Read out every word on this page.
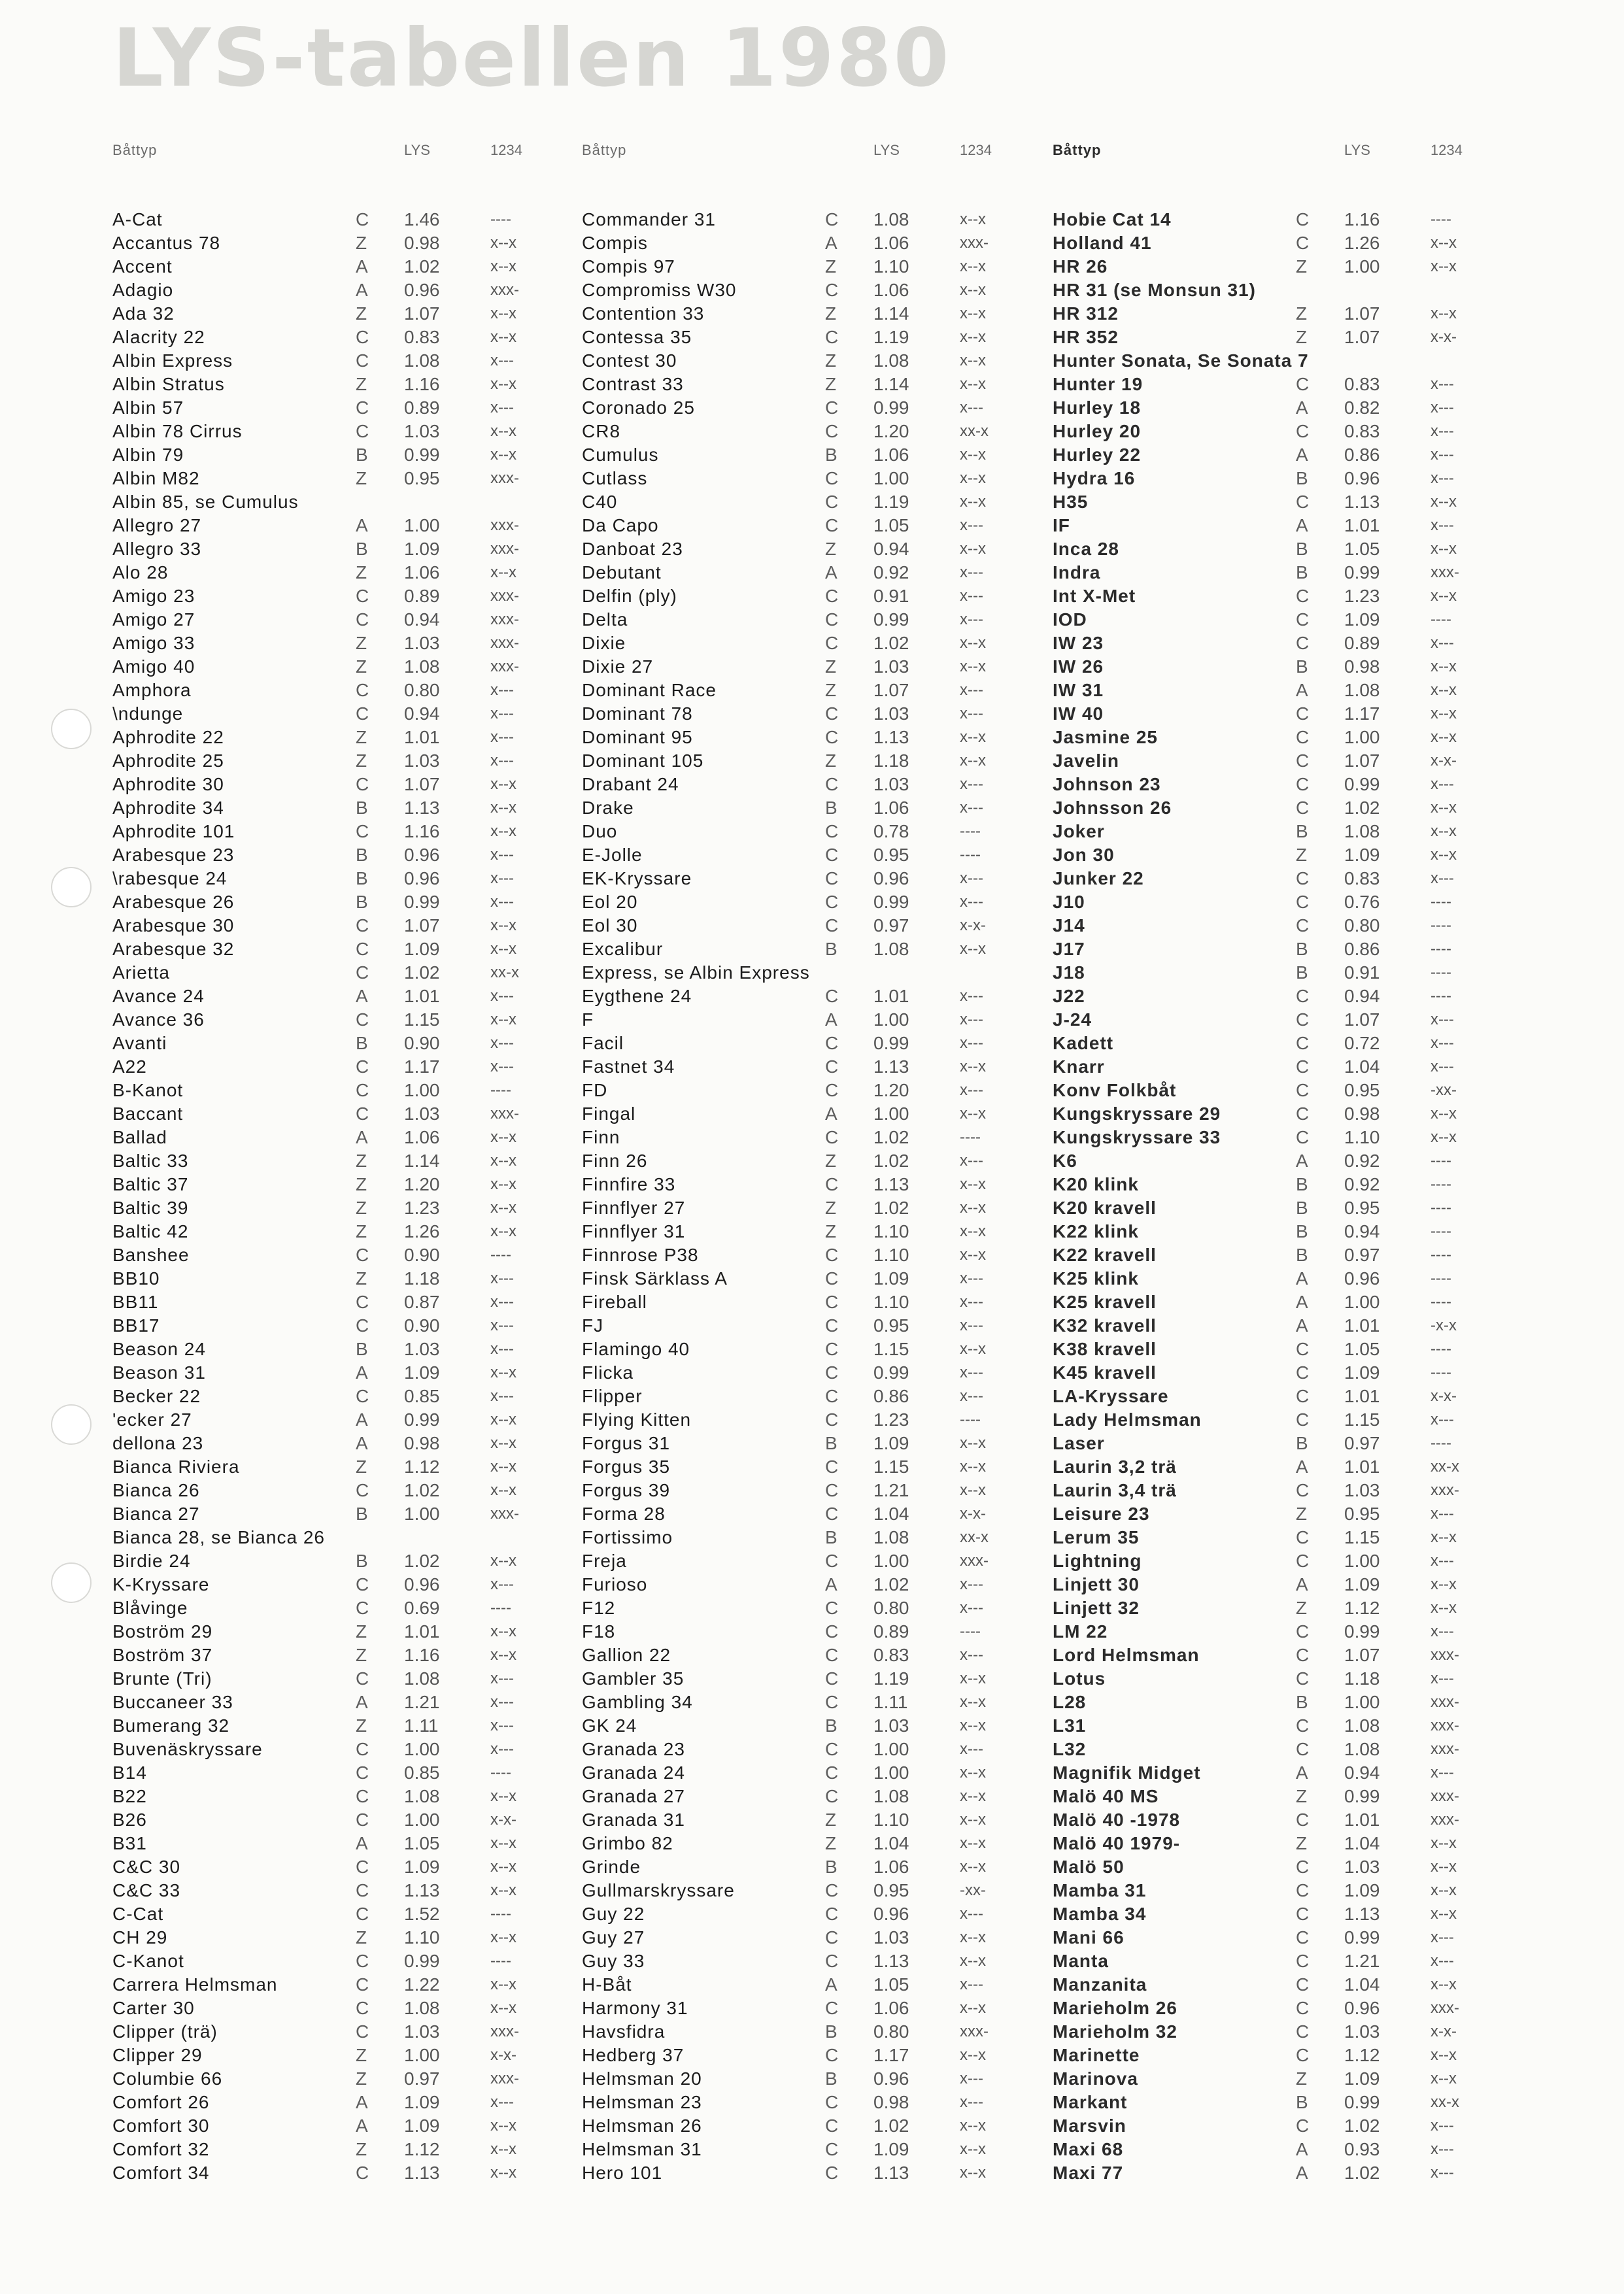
LYS-tabellen 1980
Båttyp	LYS	1234
A-Cat	C	1.46	----
Accantus 78	Z	0.98	x--x
Accent	A	1.02	x--x
Adagio	A	0.96	xxx-
Ada 32	Z	1.07	x--x
Alacrity 22	C	0.83	x--x
Albin Express	C	1.08	x---
Albin Stratus	Z	1.16	x--x
Albin 57	C	0.89	x---
Albin 78 Cirrus	C	1.03	x--x
Albin 79	B	0.99	x--x
Albin M82	Z	0.95	xxx-
Albin 85, se Cumulus
Allegro 27	A	1.00	xxx-
Allegro 33	B	1.09	xxx-
Alo 28	Z	1.06	x--x
Amigo 23	C	0.89	xxx-
Amigo 27	C	0.94	xxx-
Amigo 33	Z	1.03	xxx-
Amigo 40	Z	1.08	xxx-
Amphora	C	0.80	x---
\ndunge	C	0.94	x---
Aphrodite 22	Z	1.01	x---
Aphrodite 25	Z	1.03	x---
Aphrodite 30	C	1.07	x--x
Aphrodite 34	B	1.13	x--x
Aphrodite 101	C	1.16	x--x
Arabesque 23	B	0.96	x---
\rabesque 24	B	0.96	x---
Arabesque 26	B	0.99	x---
Arabesque 30	C	1.07	x--x
Arabesque 32	C	1.09	x--x
Arietta	C	1.02	xx-x
Avance 24	A	1.01	x---
Avance 36	C	1.15	x--x
Avanti	B	0.90	x---
A22	C	1.17	x---
B-Kanot	C	1.00	----
Baccant	C	1.03	xxx-
Ballad	A	1.06	x--x
Baltic 33	Z	1.14	x--x
Baltic 37	Z	1.20	x--x
Baltic 39	Z	1.23	x--x
Baltic 42	Z	1.26	x--x
Banshee	C	0.90	----
BB10	Z	1.18	x---
BB11	C	0.87	x---
BB17	C	0.90	x---
Beason 24	B	1.03	x---
Beason 31	A	1.09	x--x
Becker 22	C	0.85	x---
'ecker 27	A	0.99	x--x
dellona 23	A	0.98	x--x
Bianca Riviera	Z	1.12	x--x
Bianca 26	C	1.02	x--x
Bianca 27	B	1.00	xxx-
Bianca 28, se Bianca 26
Birdie 24	B	1.02	x--x
K-Kryssare	C	0.96	x---
Blåvinge	C	0.69	----
Boström 29	Z	1.01	x--x
Boström 37	Z	1.16	x--x
Brunte (Tri)	C	1.08	x---
Buccaneer 33	A	1.21	x---
Bumerang 32	Z	1.11	x---
Buvenäskryssare	C	1.00	x---
B14	C	0.85	----
B22	C	1.08	x--x
B26	C	1.00	x-x-
B31	A	1.05	x--x
C&C 30	C	1.09	x--x
C&C 33	C	1.13	x--x
C-Cat	C	1.52	----
CH 29	Z	1.10	x--x
C-Kanot	C	0.99	----
Carrera Helmsman	C	1.22	x--x
Carter 30	C	1.08	x--x
Clipper (trä)	C	1.03	xxx-
Clipper 29	Z	1.00	x-x-
Columbie 66	Z	0.97	xxx-
Comfort 26	A	1.09	x---
Comfort 30	A	1.09	x--x
Comfort 32	Z	1.12	x--x
Comfort 34	C	1.13	x--x
Båttyp	LYS	1234
Commander 31	C	1.08	x--x
Compis	A	1.06	xxx-
Compis 97	Z	1.10	x--x
Compromiss W30	C	1.06	x--x
Contention 33	Z	1.14	x--x
Contessa 35	C	1.19	x--x
Contest 30	Z	1.08	x--x
Contrast 33	Z	1.14	x--x
Coronado 25	C	0.99	x---
CR8	C	1.20	xx-x
Cumulus	B	1.06	x--x
Cutlass	C	1.00	x--x
C40	C	1.19	x--x
Da Capo	C	1.05	x---
Danboat 23	Z	0.94	x--x
Debutant	A	0.92	x---
Delfin (ply)	C	0.91	x---
Delta	C	0.99	x---
Dixie	C	1.02	x--x
Dixie 27	Z	1.03	x--x
Dominant Race	Z	1.07	x---
Dominant 78	C	1.03	x---
Dominant 95	C	1.13	x--x
Dominant 105	Z	1.18	x--x
Drabant 24	C	1.03	x---
Drake	B	1.06	x---
Duo	C	0.78	----
E-Jolle	C	0.95	----
EK-Kryssare	C	0.96	x---
Eol 20	C	0.99	x---
Eol 30	C	0.97	x-x-
Excalibur	B	1.08	x--x
Express, se Albin Express
Eygthene 24	C	1.01	x---
F	A	1.00	x---
Facil	C	0.99	x---
Fastnet 34	C	1.13	x--x
FD	C	1.20	x---
Fingal	A	1.00	x--x
Finn	C	1.02	----
Finn 26	Z	1.02	x---
Finnfire 33	C	1.13	x--x
Finnflyer 27	Z	1.02	x--x
Finnflyer 31	Z	1.10	x--x
Finnrose P38	C	1.10	x--x
Finsk Särklass A	C	1.09	x---
Fireball	C	1.10	x---
FJ	C	0.95	x---
Flamingo 40	C	1.15	x--x
Flicka	C	0.99	x---
Flipper	C	0.86	x---
Flying Kitten	C	1.23	----
Forgus 31	B	1.09	x--x
Forgus 35	C	1.15	x--x
Forgus 39	C	1.21	x--x
Forma 28	C	1.04	x-x-
Fortissimo	B	1.08	xx-x
Freja	C	1.00	xxx-
Furioso	A	1.02	x---
F12	C	0.80	x---
F18	C	0.89	----
Gallion 22	C	0.83	x---
Gambler 35	C	1.19	x--x
Gambling 34	C	1.11	x--x
GK 24	B	1.03	x--x
Granada 23	C	1.00	x---
Granada 24	C	1.00	x--x
Granada 27	C	1.08	x--x
Granada 31	Z	1.10	x--x
Grimbo 82	Z	1.04	x--x
Grinde	B	1.06	x--x
Gullmarskryssare	C	0.95	-xx-
Guy 22	C	0.96	x---
Guy 27	C	1.03	x--x
Guy 33	C	1.13	x--x
H-Båt	A	1.05	x---
Harmony 31	C	1.06	x--x
Havsfidra	B	0.80	xxx-
Hedberg 37	C	1.17	x--x
Helmsman 20	B	0.96	x---
Helmsman 23	C	0.98	x---
Helmsman 26	C	1.02	x--x
Helmsman 31	C	1.09	x--x
Hero 101	C	1.13	x--x
Båttyp	LYS	1234
Hobie Cat 14	C	1.16	----
Holland 41	C	1.26	x--x
HR 26	Z	1.00	x--x
HR 31 (se Monsun 31)
HR 312	Z	1.07	x--x
HR 352	Z	1.07	x-x-
Hunter Sonata, Se Sonata 7
Hunter 19	C	0.83	x---
Hurley 18	A	0.82	x---
Hurley 20	C	0.83	x---
Hurley 22	A	0.86	x---
Hydra 16	B	0.96	x---
H35	C	1.13	x--x
IF	A	1.01	x---
Inca 28	B	1.05	x--x
Indra	B	0.99	xxx-
Int X-Met	C	1.23	x--x
IOD	C	1.09	----
IW 23	C	0.89	x---
IW 26	B	0.98	x--x
IW 31	A	1.08	x--x
IW 40	C	1.17	x--x
Jasmine 25	C	1.00	x--x
Javelin	C	1.07	x-x-
Johnson 23	C	0.99	x---
Johnsson 26	C	1.02	x--x
Joker	B	1.08	x--x
Jon 30	Z	1.09	x--x
Junker 22	C	0.83	x---
J10	C	0.76	----
J14	C	0.80	----
J17	B	0.86	----
J18	B	0.91	----
J22	C	0.94	----
J-24	C	1.07	x---
Kadett	C	0.72	x---
Knarr	C	1.04	x---
Konv Folkbåt	C	0.95	-xx-
Kungskryssare 29	C	0.98	x--x
Kungskryssare 33	C	1.10	x--x
K6	A	0.92	----
K20 klink	B	0.92	----
K20 kravell	B	0.95	----
K22 klink	B	0.94	----
K22 kravell	B	0.97	----
K25 klink	A	0.96	----
K25 kravell	A	1.00	----
K32 kravell	A	1.01	-x-x
K38 kravell	C	1.05	----
K45 kravell	C	1.09	----
LA-Kryssare	C	1.01	x-x-
Lady Helmsman	C	1.15	x---
Laser	B	0.97	----
Laurin 3,2 trä	A	1.01	xx-x
Laurin 3,4 trä	C	1.03	xxx-
Leisure 23	Z	0.95	x---
Lerum 35	C	1.15	x--x
Lightning	C	1.00	x---
Linjett 30	A	1.09	x--x
Linjett 32	Z	1.12	x--x
LM 22	C	0.99	x---
Lord Helmsman	C	1.07	xxx-
Lotus	C	1.18	x---
L28	B	1.00	xxx-
L31	C	1.08	xxx-
L32	C	1.08	xxx-
Magnifik Midget	A	0.94	x---
Malö 40 MS	Z	0.99	xxx-
Malö 40 -1978	C	1.01	xxx-
Malö 40 1979-	Z	1.04	x--x
Malö 50	C	1.03	x--x
Mamba 31	C	1.09	x--x
Mamba 34	C	1.13	x--x
Mani 66	C	0.99	x---
Manta	C	1.21	x---
Manzanita	C	1.04	x--x
Marieholm 26	C	0.96	xxx-
Marieholm 32	C	1.03	x-x-
Marinette	C	1.12	x--x
Marinova	Z	1.09	x--x
Markant	B	0.99	xx-x
Marsvin	C	1.02	x---
Maxi 68	A	0.93	x---
Maxi 77	A	1.02	x---
